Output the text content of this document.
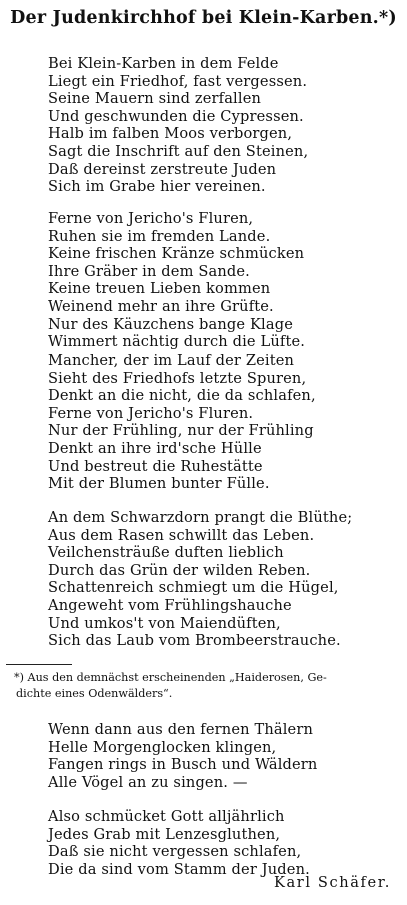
Der Judenkirchhof bei Klein-Karben.*)
Bei Klein-Karben in dem Felde
Liegt ein Friedhof, fast vergessen.
Seine Mauern sind zerfallen
Und geschwunden die Cypressen.
Halb im falben Moos verborgen,
Sagt die Inschrift auf den Steinen,
Daß dereinst zerstreute Juden
Sich im Grabe hier vereinen.
Ferne von Jericho's Fluren,
Ruhen sie im fremden Lande.
Keine frischen Kränze schmücken
Ihre Gräber in dem Sande.
Keine treuen Lieben kommen
Weinend mehr an ihre Grüfte.
Nur des Käuzchens bange Klage
Wimmert nächtig durch die Lüfte.
Mancher, der im Lauf der Zeiten
Sieht des Friedhofs letzte Spuren,
Denkt an die nicht, die da schlafen,
Ferne von Jericho's Fluren.
Nur der Frühling, nur der Frühling
Denkt an ihre ird'sche Hülle
Und bestreut die Ruhestätte
Mit der Blumen bunter Fülle.
An dem Schwarzdorn prangt die Blüthe;
Aus dem Rasen schwillt das Leben.
Veilchensträuße duften lieblich
Durch das Grün der wilden Reben.
Schattenreich schmiegt um die Hügel,
Angeweht vom Frühlingshauche
Und umkos't von Maiendüften,
Sich das Laub vom Brombeerstrauche.
*) Aus den demnächst erscheinenden „Haiderosen, Ge-
dichte eines Odenwälders“.
Wenn dann aus den fernen Thälern
Helle Morgenglocken klingen,
Fangen rings in Busch und Wäldern
Alle Vögel an zu singen. —
Also schmücket Gott alljährlich
Jedes Grab mit Lenzesgluthen,
Daß sie nicht vergessen schlafen,
Die da sind vom Stamm der Juden.
Karl Schäfer.
